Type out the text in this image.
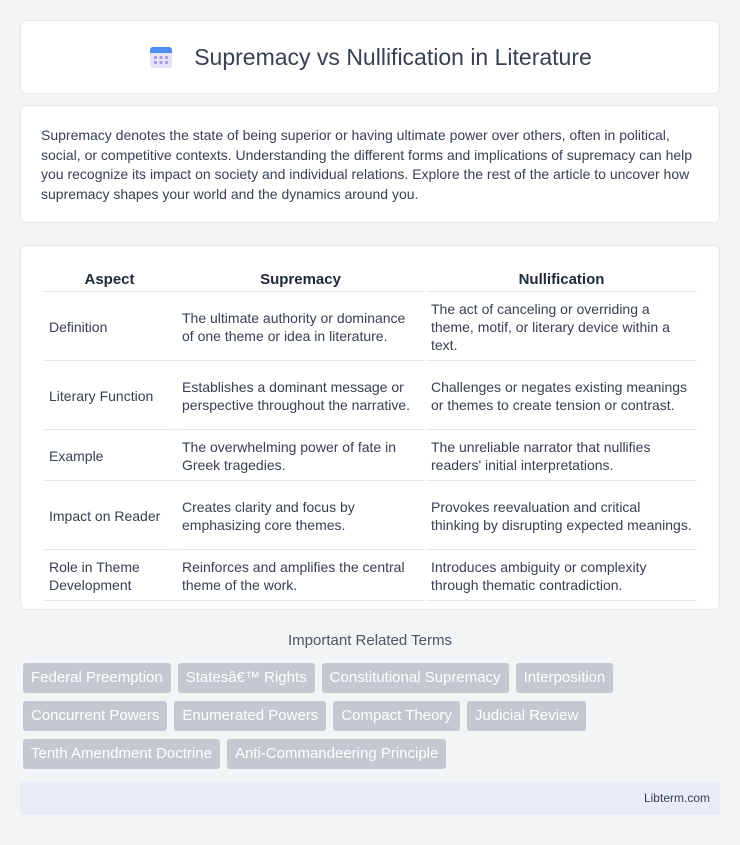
Supremacy vs Nullification in Literature

Supremacy denotes the state of being superior or having ultimate power over others, often in political, social, or competitive contexts. Understanding the different forms and implications of supremacy can help you recognize its impact on society and individual relations. Explore the rest of the article to uncover how supremacy shapes your world and the dynamics around you.

Aspect	Supremacy	Nullification
Definition	The ultimate authority or dominance of one theme or idea in literature.	The act of canceling or overriding a theme, motif, or literary device within a text.
Literary Function	Establishes a dominant message or perspective throughout the narrative.	Challenges or negates existing meanings or themes to create tension or contrast.
Example	The overwhelming power of fate in Greek tragedies.	The unreliable narrator that nullifies readers' initial interpretations.
Impact on Reader	Creates clarity and focus by emphasizing core themes.	Provokes reevaluation and critical thinking by disrupting expected meanings.
Role in Theme Development	Reinforces and amplifies the central theme of the work.	Introduces ambiguity or complexity through thematic contradiction.
Important Related Terms
Federal Preemption	Statesâ€™ Rights	Constitutional Supremacy	Interposition
Concurrent Powers	Enumerated Powers	Compact Theory	Judicial Review
Tenth Amendment Doctrine	Anti-Commandeering Principle
Libterm.com
